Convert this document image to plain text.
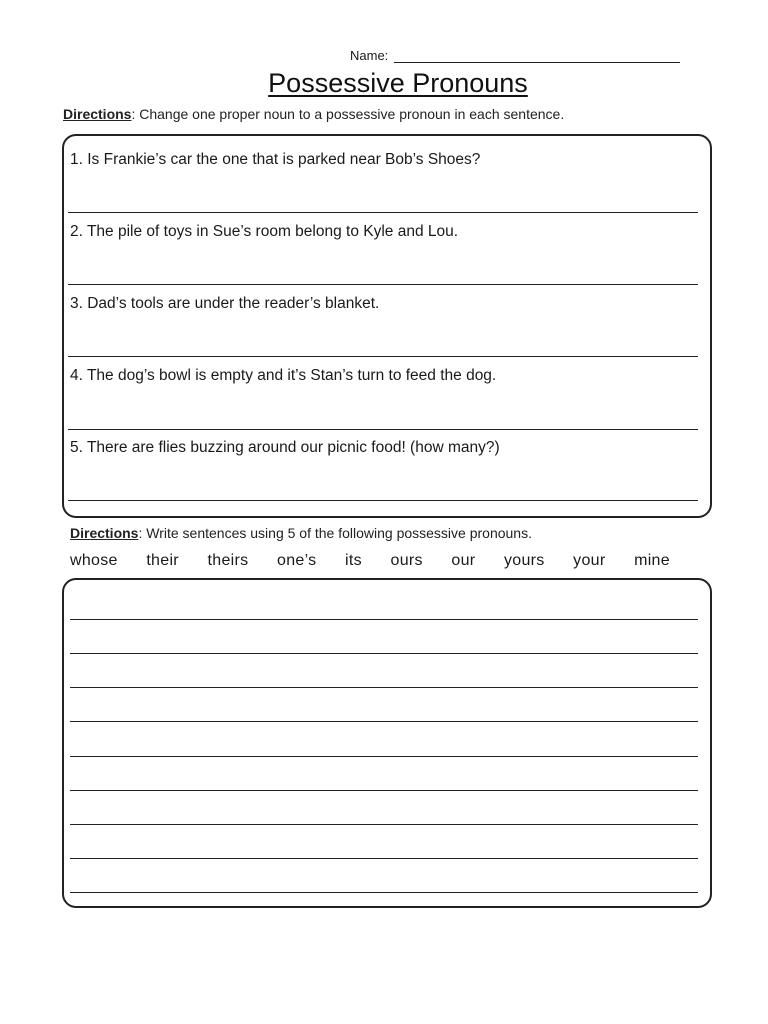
Name:
Possessive Pronouns
Directions: Change one proper noun to a possessive pronoun in each sentence.
1. Is Frankie’s car the one that is parked near Bob’s Shoes?
2. The pile of toys in Sue’s room belong to Kyle and Lou.
3. Dad’s tools are under the reader’s blanket.
4. The dog’s bowl is empty and it’s Stan’s turn to feed the dog.
5. There are flies buzzing around our picnic food! (how many?)
Directions: Write sentences using 5 of the following possessive pronouns.
whose their theirs one’s its ours our yours your mine
